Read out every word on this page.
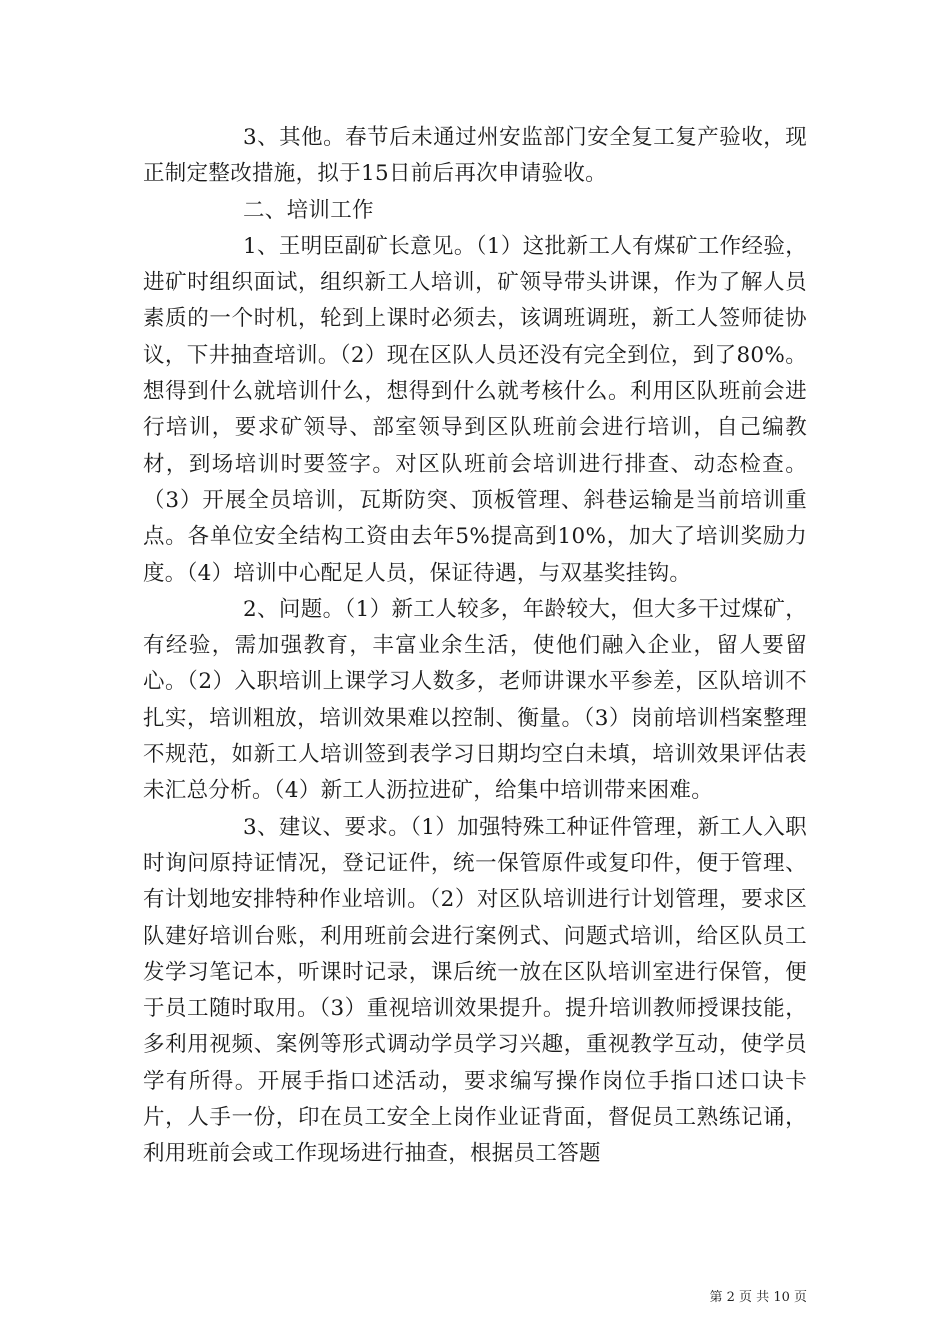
3、其他。春节后未通过州安监部门安全复工复产验收，现正制定整改措施，拟于15日前后再次申请验收。

二、培训工作

1、王明臣副矿长意见。（1）这批新工人有煤矿工作经验，进矿时组织面试，组织新工人培训，矿领导带头讲课，作为了解人员素质的一个时机，轮到上课时必须去，该调班调班，新工人签师徒协议，下井抽查培训。（2）现在区队人员还没有完全到位，到了80%。想得到什么就培训什么，想得到什么就考核什么。利用区队班前会进行培训，要求矿领导、部室领导到区队班前会进行培训，自己编教材，到场培训时要签字。对区队班前会培训进行排查、动态检查。（3）开展全员培训，瓦斯防突、顶板管理、斜巷运输是当前培训重点。各单位安全结构工资由去年5%提高到10%，加大了培训奖励力度。（4）培训中心配足人员，保证待遇，与双基奖挂钩。

2、问题。（1）新工人较多，年龄较大，但大多干过煤矿，有经验，需加强教育，丰富业余生活，使他们融入企业，留人要留心。（2）入职培训上课学习人数多，老师讲课水平参差，区队培训不扎实，培训粗放，培训效果难以控制、衡量。（3）岗前培训档案整理不规范，如新工人培训签到表学习日期均空白未填，培训效果评估表未汇总分析。（4）新工人沥拉进矿，给集中培训带来困难。

3、建议、要求。（1）加强特殊工种证件管理，新工人入职时询问原持证情况，登记证件，统一保管原件或复印件，便于管理、有计划地安排特种作业培训。（2）对区队培训进行计划管理，要求区队建好培训台账，利用班前会进行案例式、问题式培训，给区队员工发学习笔记本，听课时记录，课后统一放在区队培训室进行保管，便于员工随时取用。（3）重视培训效果提升。提升培训教师授课技能，多利用视频、案例等形式调动学员学习兴趣，重视教学互动，使学员学有所得。开展手指口述活动，要求编写操作岗位手指口述口诀卡片，人手一份，印在员工安全上岗作业证背面，督促员工熟练记诵，利用班前会或工作现场进行抽查，根据员工答题

第 2 页 共 10 页
